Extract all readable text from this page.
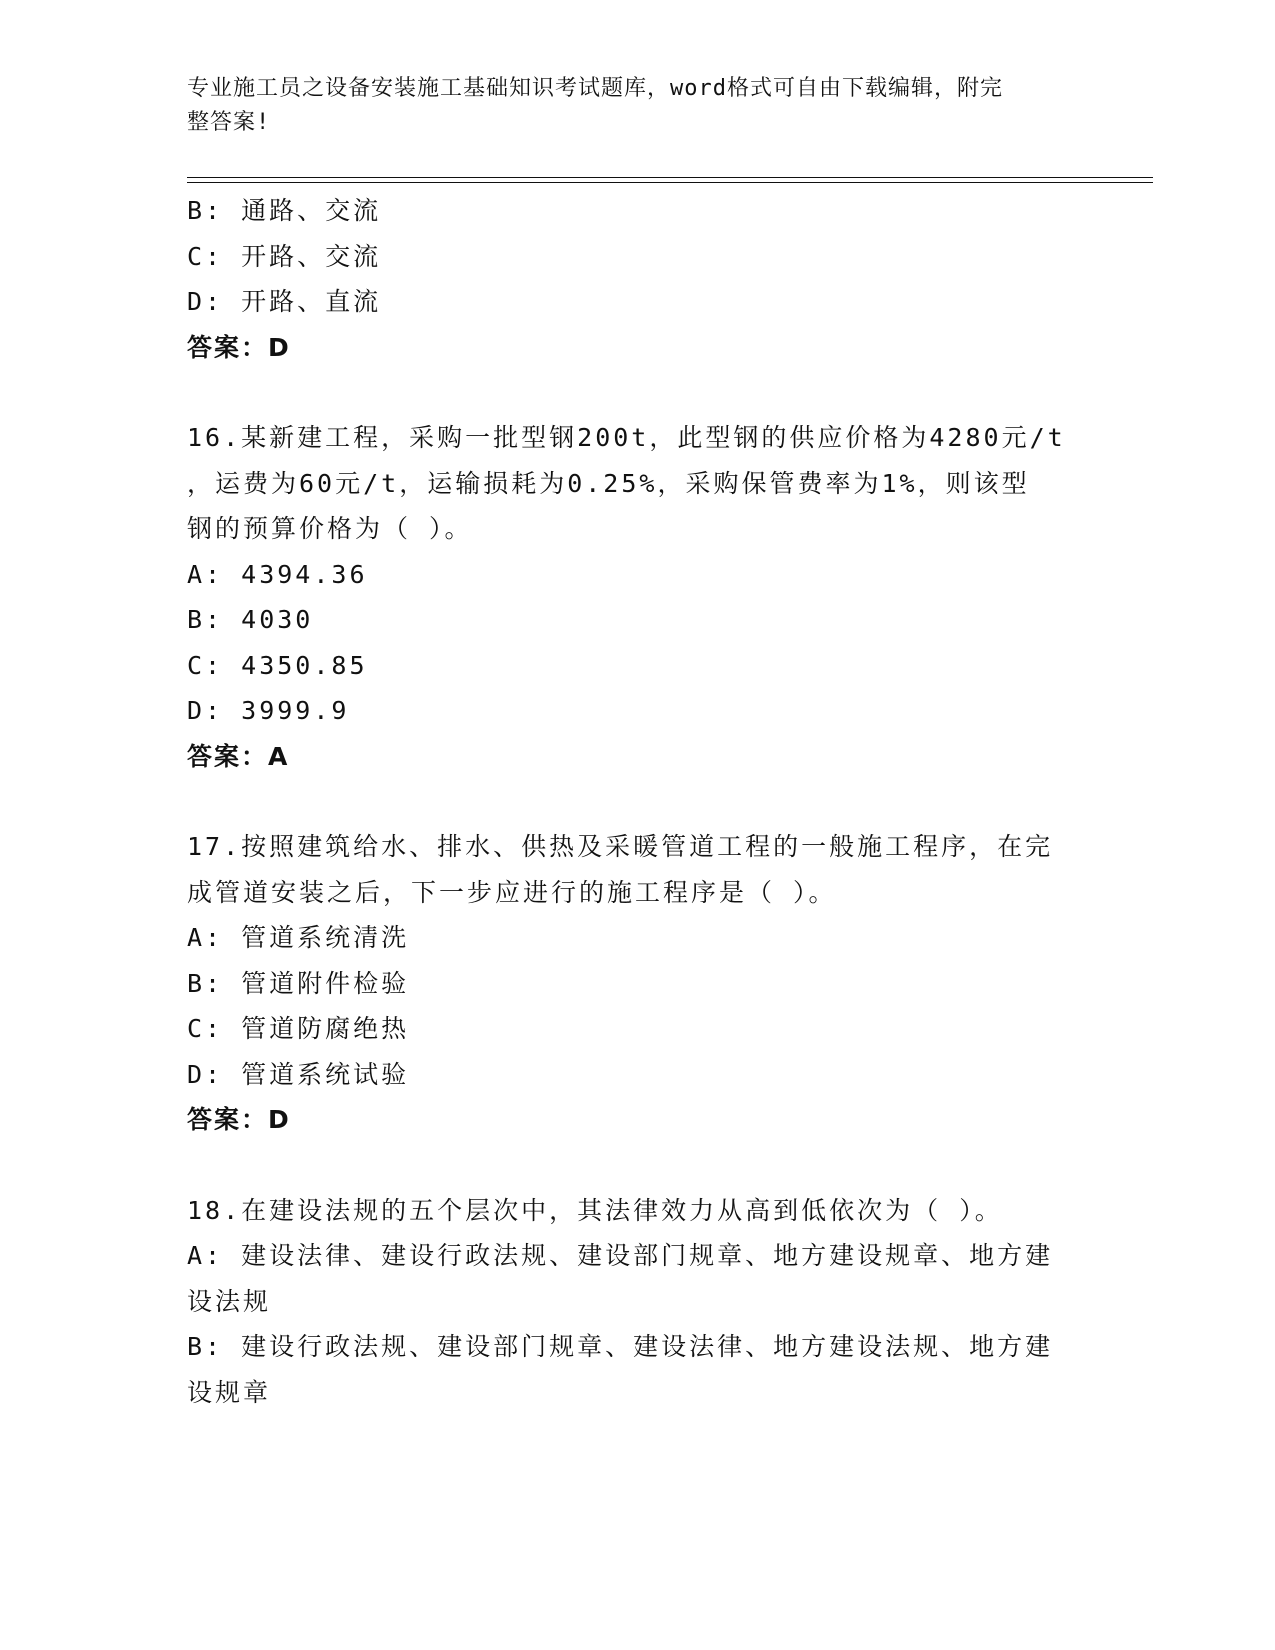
专业施工员之设备安装施工基础知识考试题库，word格式可自由下载编辑，附完
整答案!
B: 通路、交流
C: 开路、交流
D: 开路、直流
答案：D
16.某新建工程，采购一批型钢200t，此型钢的供应价格为4280元/t
，运费为60元/t，运输损耗为0.25%，采购保管费率为1%，则该型
钢的预算价格为（ ）。
A: 4394.36
B: 4030
C: 4350.85
D: 3999.9
答案：A
17.按照建筑给水、排水、供热及采暖管道工程的一般施工程序，在完
成管道安装之后，下一步应进行的施工程序是（ ）。
A: 管道系统清洗
B: 管道附件检验
C: 管道防腐绝热
D: 管道系统试验
答案：D
18.在建设法规的五个层次中，其法律效力从高到低依次为（ ）。
A: 建设法律、建设行政法规、建设部门规章、地方建设规章、地方建
设法规
B: 建设行政法规、建设部门规章、建设法律、地方建设法规、地方建
设规章
